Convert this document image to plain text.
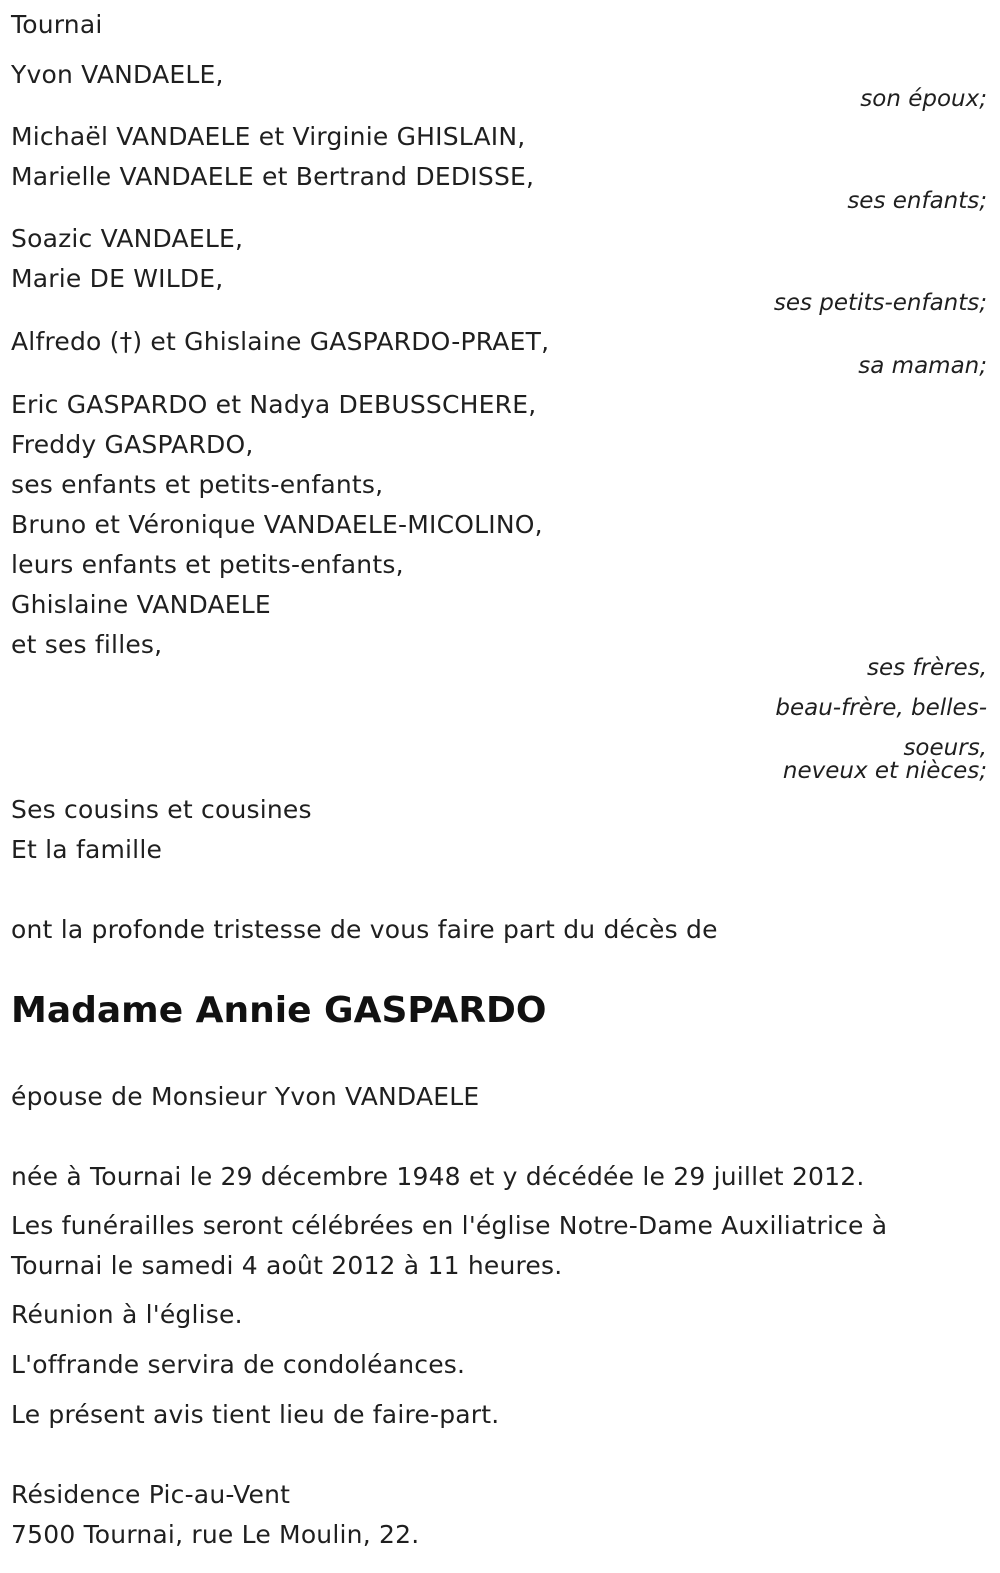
Tournai
Yvon VANDAELE,
son époux;
Michaël VANDAELE et Virginie GHISLAIN,
Marielle VANDAELE et Bertrand DEDISSE,
ses enfants;
Soazic VANDAELE,
Marie DE WILDE,
ses petits-enfants;
Alfredo (†) et Ghislaine GASPARDO-PRAET,
sa maman;
Eric GASPARDO et Nadya DEBUSSCHERE,
Freddy GASPARDO,
ses enfants et petits-enfants,
Bruno et Véronique VANDAELE-MICOLINO,
leurs enfants et petits-enfants,
Ghislaine VANDAELE
et ses filles,
ses frères,
beau-frère, belles-
soeurs,
neveux et nièces;
Ses cousins et cousines
Et la famille
ont la profonde tristesse de vous faire part du décès de
Madame Annie GASPARDO
épouse de Monsieur Yvon VANDAELE
née à Tournai le 29 décembre 1948 et y décédée le 29 juillet 2012.
Les funérailles seront célébrées en l'église Notre-Dame Auxiliatrice à
Tournai le samedi 4 août 2012 à 11 heures.
Réunion à l'église.
L'offrande servira de condoléances.
Le présent avis tient lieu de faire-part.
Résidence Pic-au-Vent
7500 Tournai, rue Le Moulin, 22.
